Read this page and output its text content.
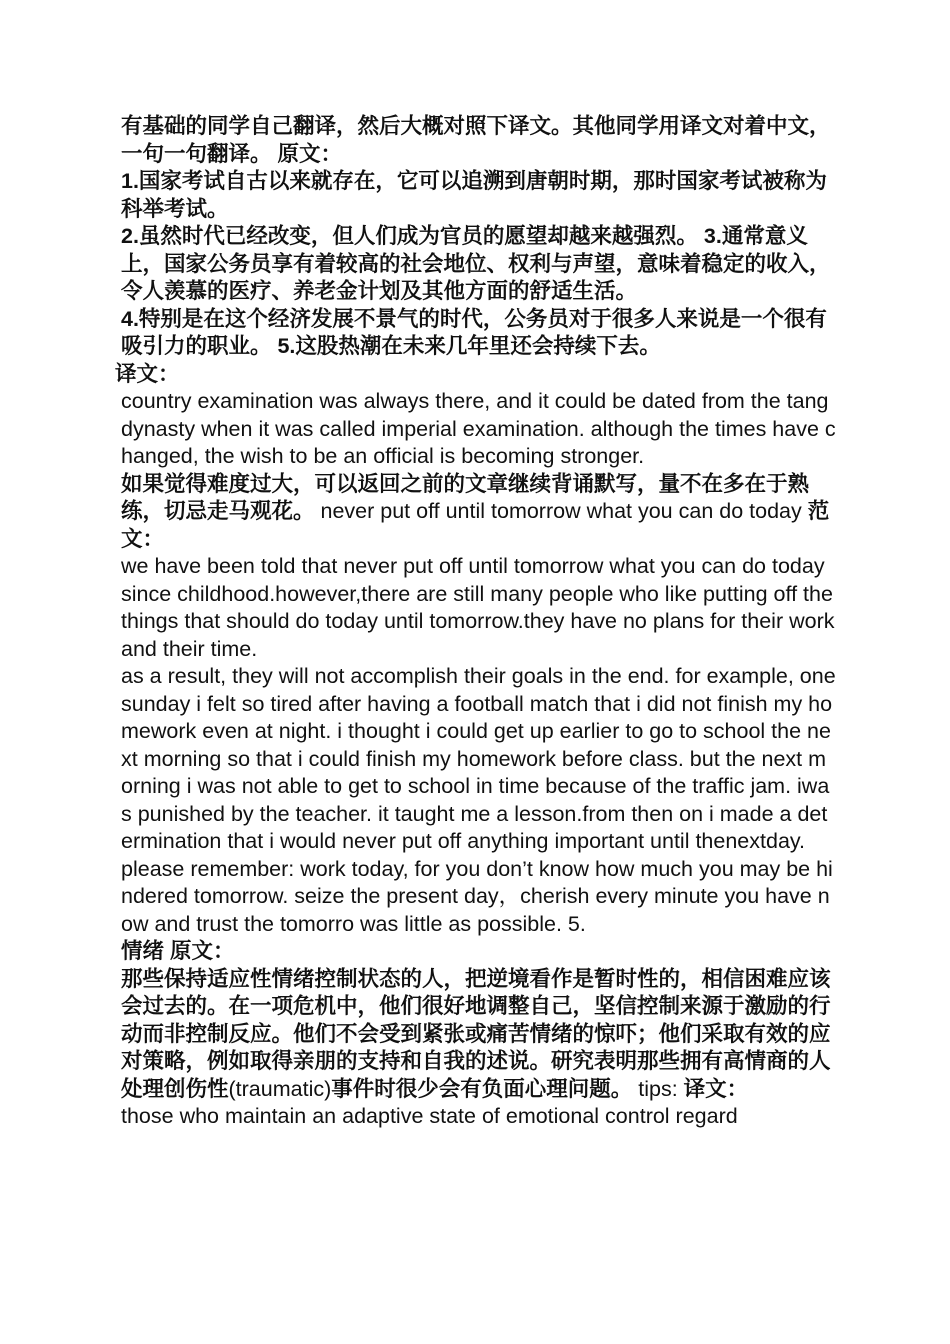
有基础的同学自己翻译，然后大概对照下译文。其他同学用译文对着中文，一句一句翻译。 原文：

1.国家考试自古以来就存在，它可以追溯到唐朝时期，那时国家考试被称为科举考试。

2.虽然时代已经改变，但人们成为官员的愿望却越来越强烈。 3.通常意义上，国家公务员享有着较高的社会地位、权利与声望，意味着稳定的收入，令人羡慕的医疗、养老金计划及其他方面的舒适生活。

4.特别是在这个经济发展不景气的时代，公务员对于很多人来说是一个很有吸引力的职业。 5.这股热潮在未来几年里还会持续下去。

译文：

country examination was always there, and it could be dated from the tang dynasty when it was called imperial examination. although the times have changed, the wish to be an official is becoming stronger.

如果觉得难度过大，可以返回之前的文章继续背诵默写，量不在多在于熟练，切忌走马观花。 never put off until tomorrow what you can do today 范文：

we have been told that never put off until tomorrow what you can do today since childhood.however,there are still many people who like putting off the things that should do today until tomorrow.they have no plans for their work and their time.

as a result, they will not accomplish their goals in the end. for example, one sunday i felt so tired after having a football match that i did not finish my homework even at night. i thought i could get up earlier to go to school the next morning so that i could finish my homework before class. but the next morning i was not able to get to school in time because of the traffic jam. iwas punished by the teacher. it taught me a lesson.from then on i made a determination that i would never put off anything important until thenextday.

please remember: work today, for you don’t know how much you may be hindered tomorrow. seize the present day，cherish every minute you have now and trust the tomorro was little as possible. 5.
情绪 原文：

那些保持适应性情绪控制状态的人，把逆境看作是暂时性的，相信困难应该会过去的。在一项危机中，他们很好地调整自己，坚信控制来源于激励的行动而非控制反应。他们不会受到紧张或痛苦情绪的惊吓；他们采取有效的应对策略，例如取得亲朋的支持和自我的述说。研究表明那些拥有高情商的人处理创伤性(traumatic)事件时很少会有负面心理问题。 tips: 译文：

those who maintain an adaptive state of emotional control regard
